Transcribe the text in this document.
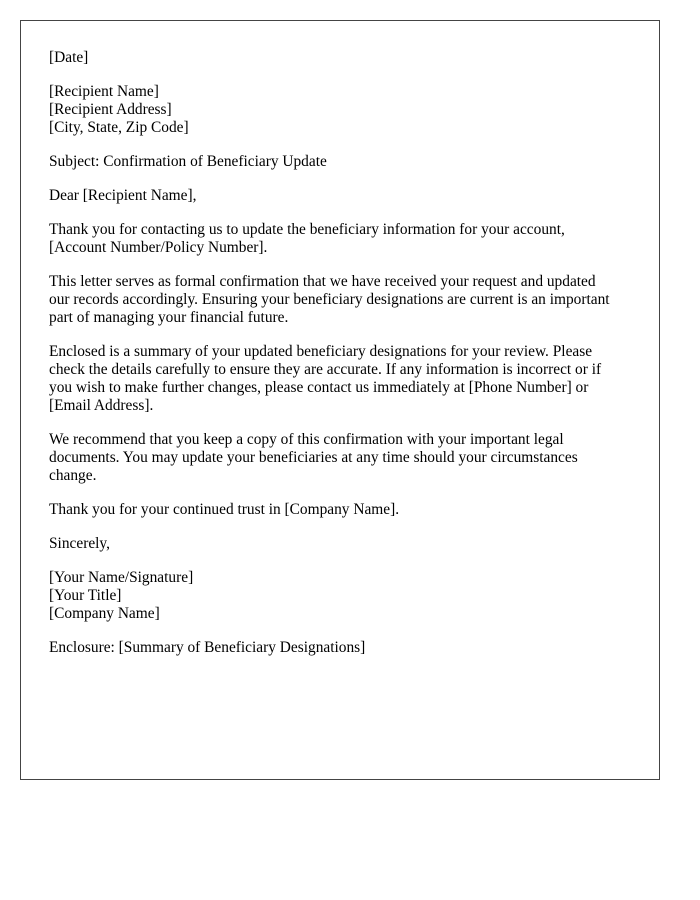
[Date]
[Recipient Name]
[Recipient Address]
[City, State, Zip Code]
Subject: Confirmation of Beneficiary Update
Dear [Recipient Name],

Thank you for contacting us to update the beneficiary information for your account,
[Account Number/Policy Number].

This letter serves as formal confirmation that we have received your request and updated
our records accordingly. Ensuring your beneficiary designations are current is an important
part of managing your financial future.

Enclosed is a summary of your updated beneficiary designations for your review. Please
check the details carefully to ensure they are accurate. If any information is incorrect or if
you wish to make further changes, please contact us immediately at [Phone Number] or
[Email Address].

We recommend that you keep a copy of this confirmation with your important legal
documents. You may update your beneficiaries at any time should your circumstances
change.

Thank you for your continued trust in [Company Name].

Sincerely,
[Your Name/Signature]
[Your Title]
[Company Name]
Enclosure: [Summary of Beneficiary Designations]
